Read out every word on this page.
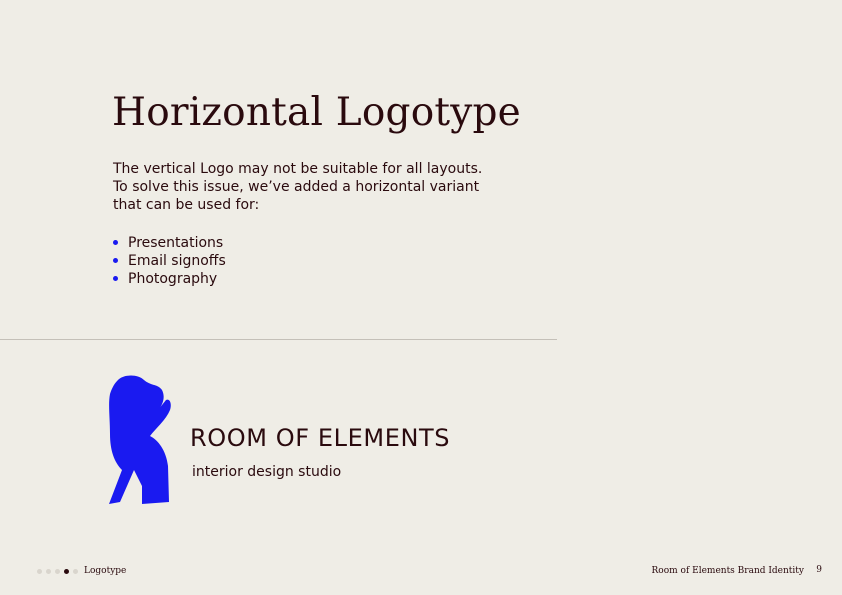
Horizontal Logotype

The vertical Logo may not be suitable for all layouts. To solve this issue, we’ve added a horizontal variant that can be used for:

Presentations
Email signoffs
Photography
ROOM OF ELEMENTS
interior design studio
Logotype	Room of Elements Brand Identity 9
